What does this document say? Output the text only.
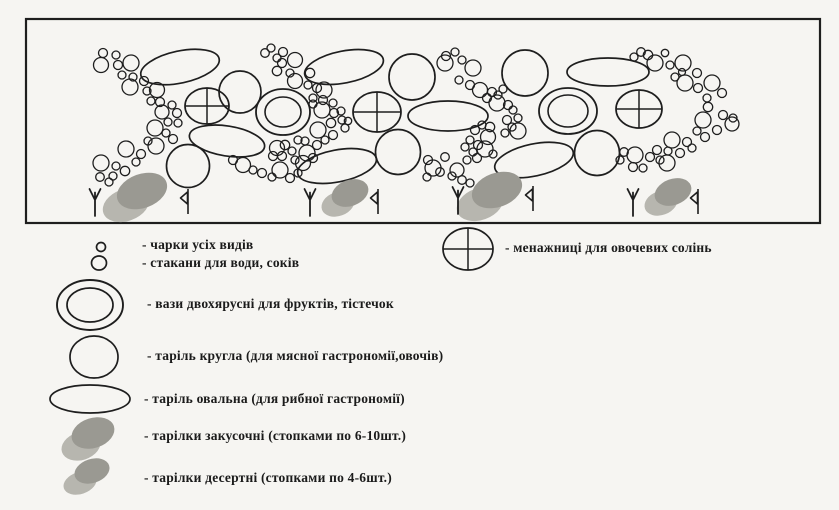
- чарки усіх видів
- стакани для води, соків
- вази двохярусні для фруктів, тістечок
- таріль кругла (для мясної гастрономії,овочів)
- таріль овальна (для рибної гастрономії)
- тарілки закусочні (стопками по 6-10шт.)
- тарілки десертні (стопками по 4-6шт.)
- менажниці для овочевих солінь
